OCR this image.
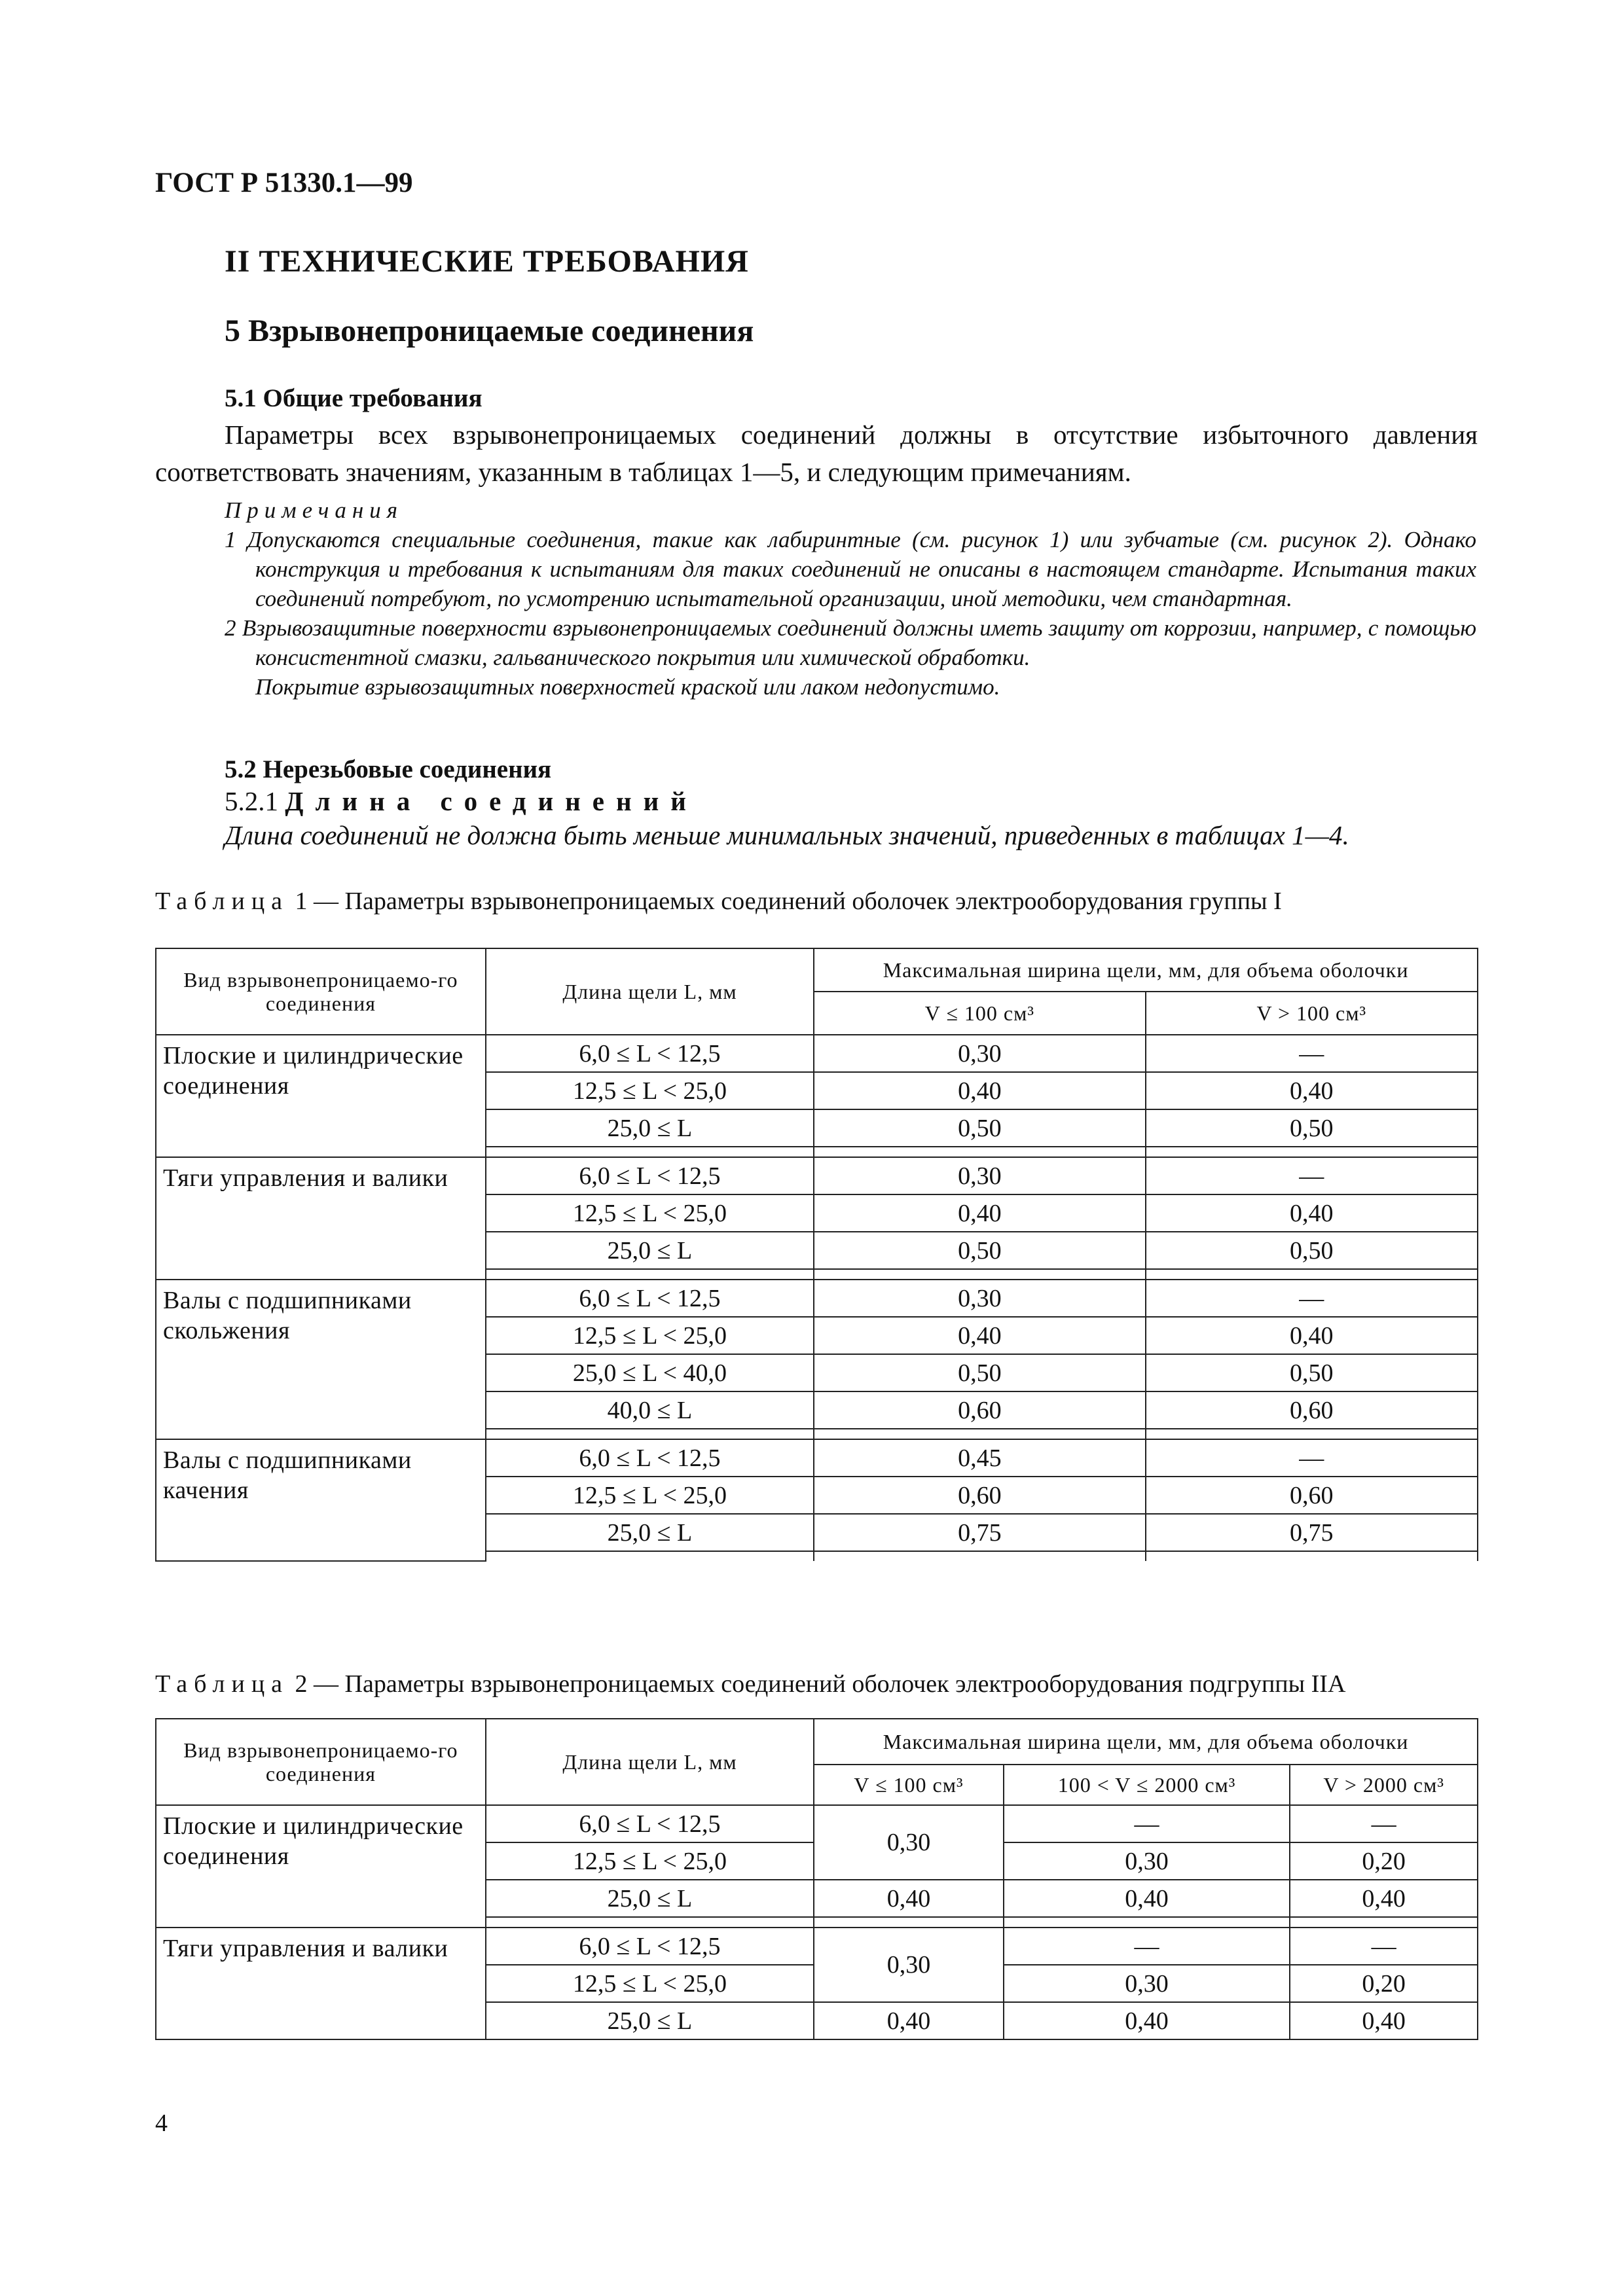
ГОСТ Р 51330.1—99
II ТЕХНИЧЕСКИЕ ТРЕБОВАНИЯ
5 Взрывонепроницаемые соединения
5.1 Общие требования
Параметры всех взрывонепроницаемых соединений должны в отсутствие избыточного давления соответствовать значениям, указанным в таблицах 1—5, и следующим примечаниям.
Примечания
1 Допускаются специальные соединения, такие как лабиринтные (см. рисунок 1) или зубчатые (см. рисунок 2). Однако конструкция и требования к испытаниям для таких соединений не описаны в настоящем стандарте. Испытания таких соединений потребуют, по усмотрению испытательной организации, иной методики, чем стандартная.
2 Взрывозащитные поверхности взрывонепроницаемых соединений должны иметь защиту от коррозии, например, с помощью консистентной смазки, гальванического покрытия или химической обработки.
Покрытие взрывозащитных поверхностей краской или лаком недопустимо.
5.2 Нерезьбовые соединения
5.2.1 Длина соединений
Длина соединений не должна быть меньше минимальных значений, приведенных в таблицах 1—4.
Таблица 1 — Параметры взрывонепроницаемых соединений оболочек электрооборудования группы I
Вид взрывонепроницаемо-го соединения	Длина щели L, мм	Максимальная ширина щели, мм, для объема оболочки	
		V ≤ 100 см³	V > 100 см³
Плоские и цилиндрические соединения	6,0 ≤ L < 12,5	0,30	—
	12,5 ≤ L < 25,0	0,40	0,40
	25,0 ≤ L	0,50	0,50

Тяги управления и валики	6,0 ≤ L < 12,5	0,30	—
	12,5 ≤ L < 25,0	0,40	0,40
	25,0 ≤ L	0,50	0,50

Валы с подшипниками скольжения	6,0 ≤ L < 12,5	0,30	—
	12,5 ≤ L < 25,0	0,40	0,40
	25,0 ≤ L < 40,0	0,50	0,50
	40,0 ≤ L	0,60	0,60

Валы с подшипниками качения	6,0 ≤ L < 12,5	0,45	—
	12,5 ≤ L < 25,0	0,60	0,60
	25,0 ≤ L	0,75	0,75

Таблица 2 — Параметры взрывонепроницаемых соединений оболочек электрооборудования подгруппы IIА
Вид взрывонепроницаемо-го соединения	Длина щели L, мм	Максимальная ширина щели, мм, для объема оболочки		
		V ≤ 100 см³	100 < V ≤ 2000 см³	V > 2000 см³
Плоские и цилиндрические соединения	6,0 ≤ L < 12,5	0,30	—	—
	12,5 ≤ L < 25,0		0,30	0,20
	25,0 ≤ L	0,40	0,40	0,40

Тяги управления и валики	6,0 ≤ L < 12,5	0,30	—	—
	12,5 ≤ L < 25,0		0,30	0,20
	25,0 ≤ L	0,40	0,40	0,40
4
